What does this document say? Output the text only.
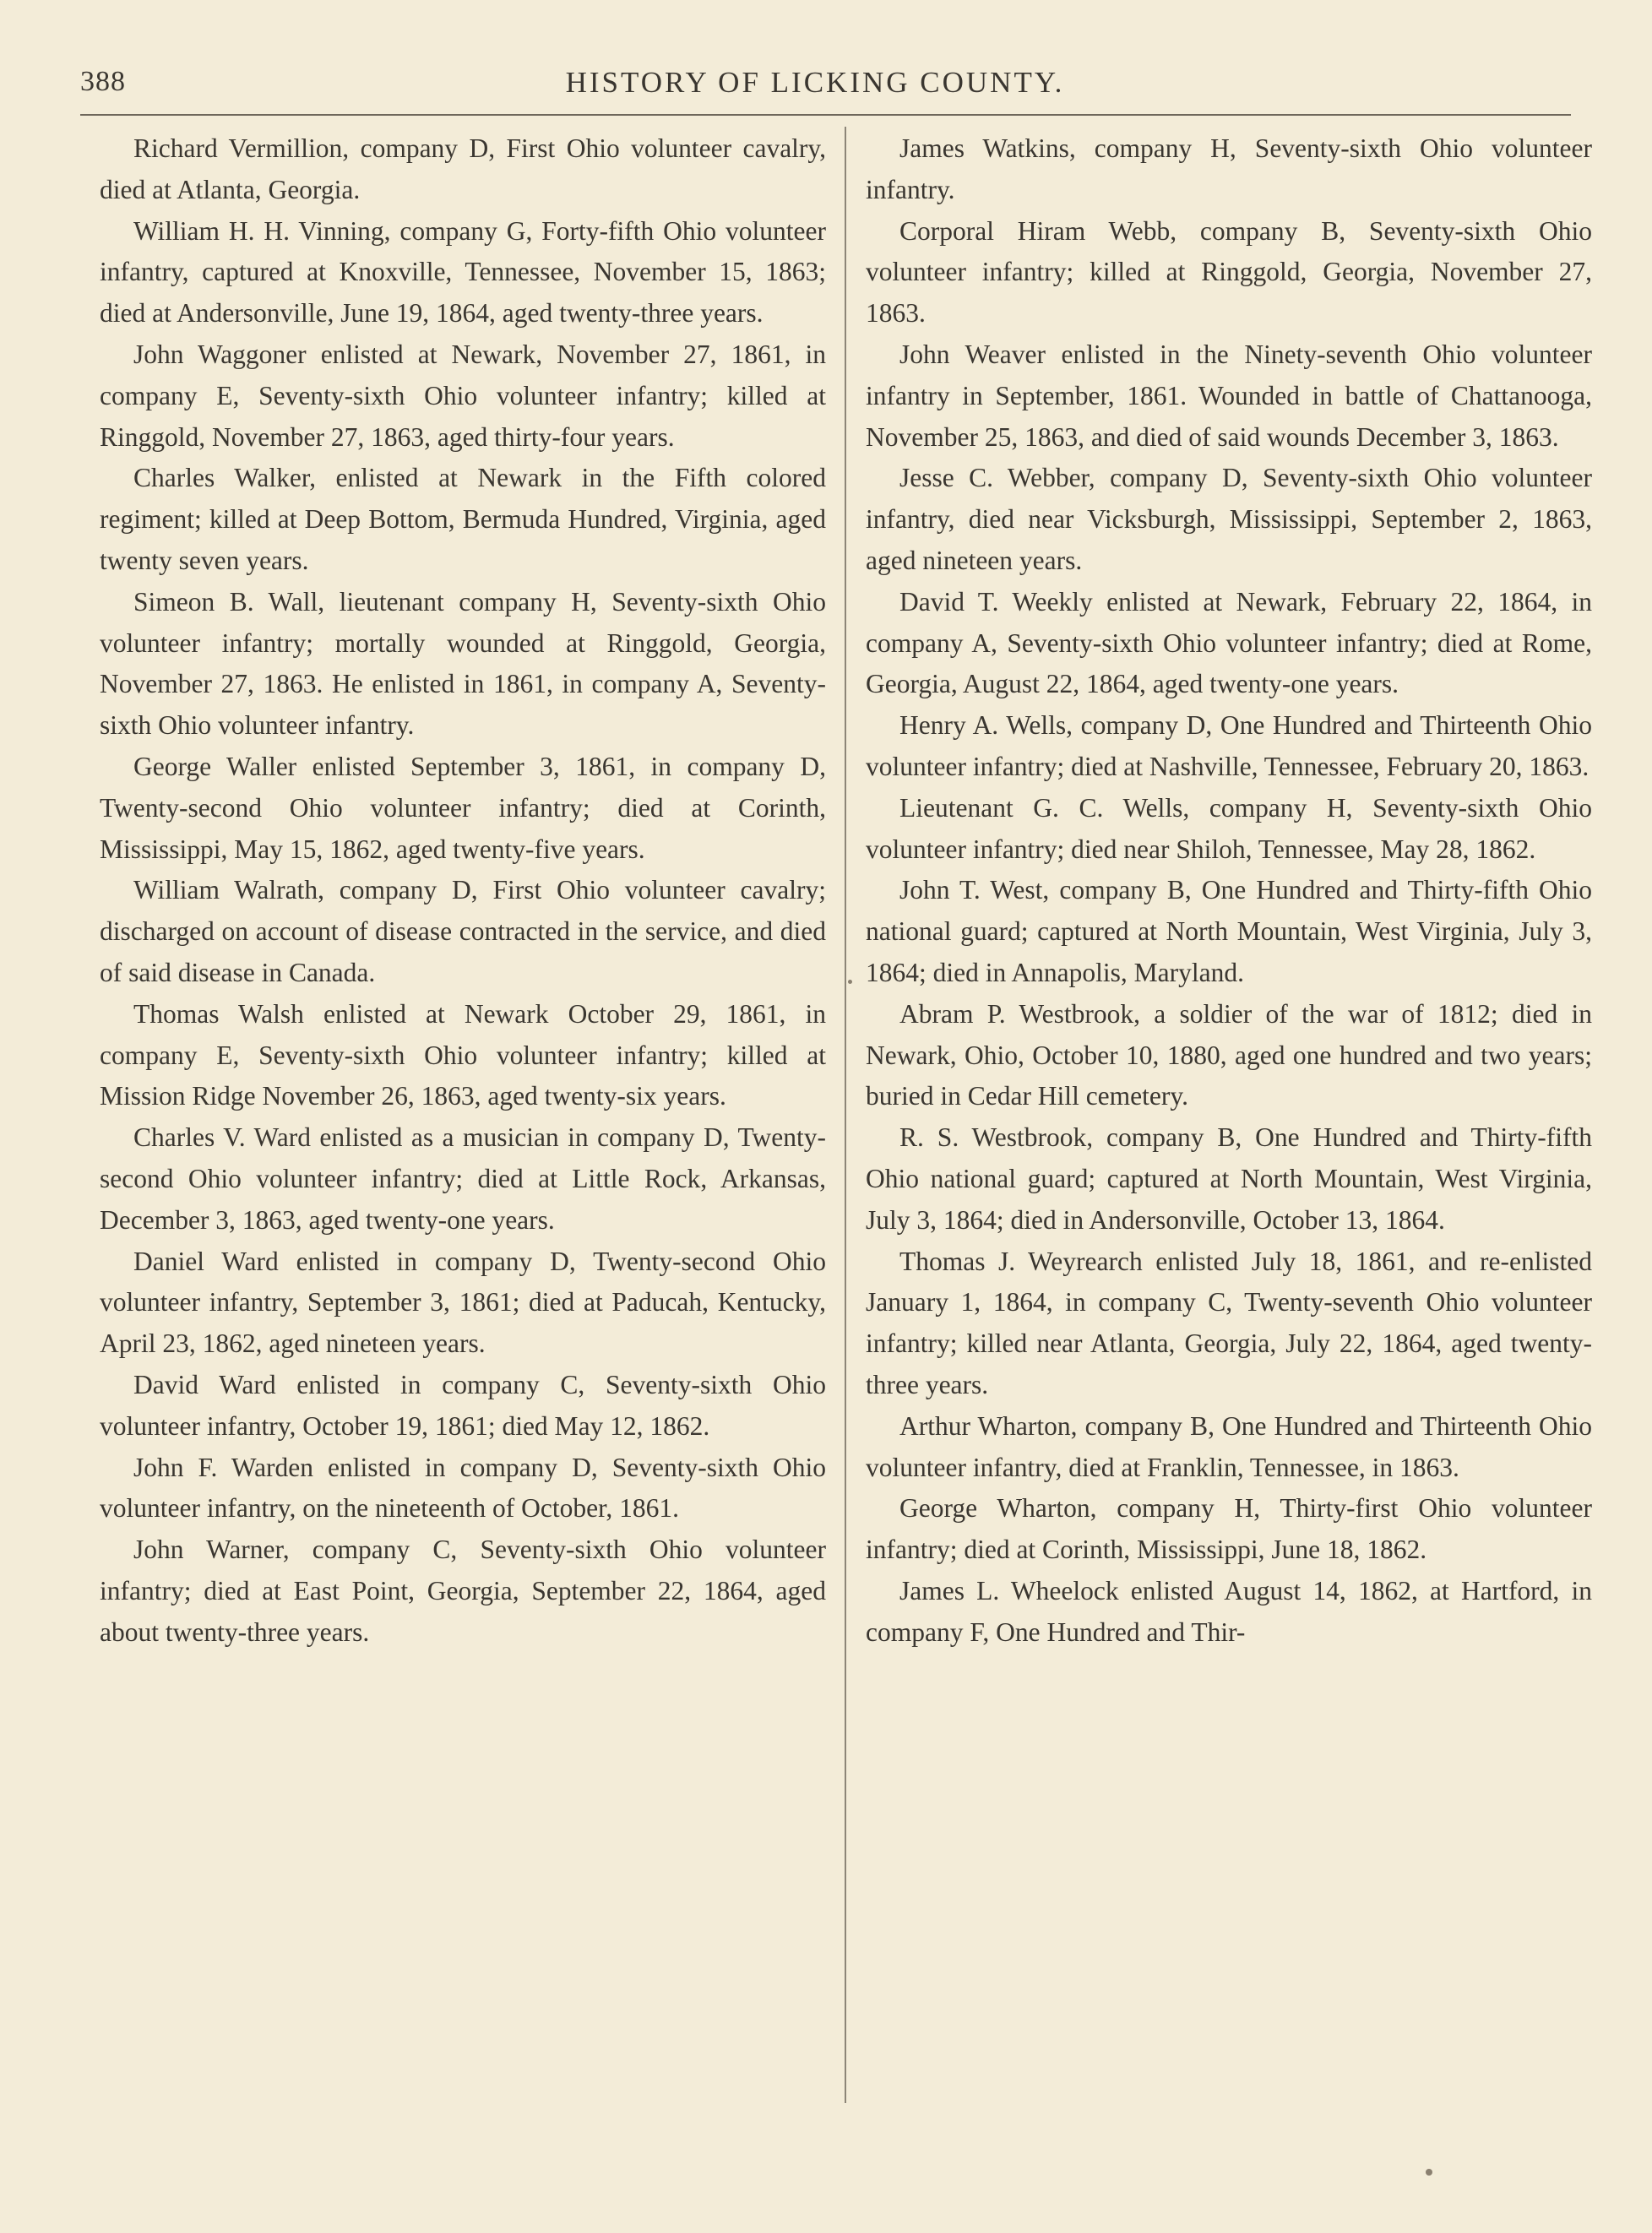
388	HISTORY OF LICKING COUNTY.

Richard Vermillion, company D, First Ohio volunteer cavalry, died at Atlanta, Georgia.

William H. H. Vinning, company G, Forty-fifth Ohio volunteer infantry, captured at Knoxville, Tennessee, November 15, 1863; died at Andersonville, June 19, 1864, aged twenty-three years.

John Waggoner enlisted at Newark, November 27, 1861, in company E, Seventy-sixth Ohio volunteer infantry; killed at Ringgold, November 27, 1863, aged thirty-four years.

Charles Walker, enlisted at Newark in the Fifth colored regiment; killed at Deep Bottom, Bermuda Hundred, Virginia, aged twenty seven years.

Simeon B. Wall, lieutenant company H, Seventy-sixth Ohio volunteer infantry; mortally wounded at Ringgold, Georgia, November 27, 1863. He enlisted in 1861, in company A, Seventy-sixth Ohio volunteer infantry.

George Waller enlisted September 3, 1861, in company D, Twenty-second Ohio volunteer infantry; died at Corinth, Mississippi, May 15, 1862, aged twenty-five years.

William Walrath, company D, First Ohio volunteer cavalry; discharged on account of disease contracted in the service, and died of said disease in Canada.

Thomas Walsh enlisted at Newark October 29, 1861, in company E, Seventy-sixth Ohio volunteer infantry; killed at Mission Ridge November 26, 1863, aged twenty-six years.

Charles V. Ward enlisted as a musician in company D, Twenty-second Ohio volunteer infantry; died at Little Rock, Arkansas, December 3, 1863, aged twenty-one years.

Daniel Ward enlisted in company D, Twenty-second Ohio volunteer infantry, September 3, 1861; died at Paducah, Kentucky, April 23, 1862, aged nineteen years.

David Ward enlisted in company C, Seventy-sixth Ohio volunteer infantry, October 19, 1861; died May 12, 1862.

John F. Warden enlisted in company D, Seventy-sixth Ohio volunteer infantry, on the nineteenth of October, 1861.

John Warner, company C, Seventy-sixth Ohio volunteer infantry; died at East Point, Georgia, September 22, 1864, aged about twenty-three years.

James Watkins, company H, Seventy-sixth Ohio volunteer infantry.

Corporal Hiram Webb, company B, Seventy-sixth Ohio volunteer infantry; killed at Ringgold, Georgia, November 27, 1863.

John Weaver enlisted in the Ninety-seventh Ohio volunteer infantry in September, 1861. Wounded in battle of Chattanooga, November 25, 1863, and died of said wounds December 3, 1863.

Jesse C. Webber, company D, Seventy-sixth Ohio volunteer infantry, died near Vicksburgh, Mississippi, September 2, 1863, aged nineteen years.

David T. Weekly enlisted at Newark, February 22, 1864, in company A, Seventy-sixth Ohio volunteer infantry; died at Rome, Georgia, August 22, 1864, aged twenty-one years.

Henry A. Wells, company D, One Hundred and Thirteenth Ohio volunteer infantry; died at Nashville, Tennessee, February 20, 1863.

Lieutenant G. C. Wells, company H, Seventy-sixth Ohio volunteer infantry; died near Shiloh, Tennessee, May 28, 1862.

John T. West, company B, One Hundred and Thirty-fifth Ohio national guard; captured at North Mountain, West Virginia, July 3, 1864; died in Annapolis, Maryland.

Abram P. Westbrook, a soldier of the war of 1812; died in Newark, Ohio, October 10, 1880, aged one hundred and two years; buried in Cedar Hill cemetery.

R. S. Westbrook, company B, One Hundred and Thirty-fifth Ohio national guard; captured at North Mountain, West Virginia, July 3, 1864; died in Andersonville, October 13, 1864.

Thomas J. Weyrearch enlisted July 18, 1861, and re-enlisted January 1, 1864, in company C, Twenty-seventh Ohio volunteer infantry; killed near Atlanta, Georgia, July 22, 1864, aged twenty-three years.

Arthur Wharton, company B, One Hundred and Thirteenth Ohio volunteer infantry, died at Franklin, Tennessee, in 1863.

George Wharton, company H, Thirty-first Ohio volunteer infantry; died at Corinth, Mississippi, June 18, 1862.

James L. Wheelock enlisted August 14, 1862, at Hartford, in company F, One Hundred and Thir-
